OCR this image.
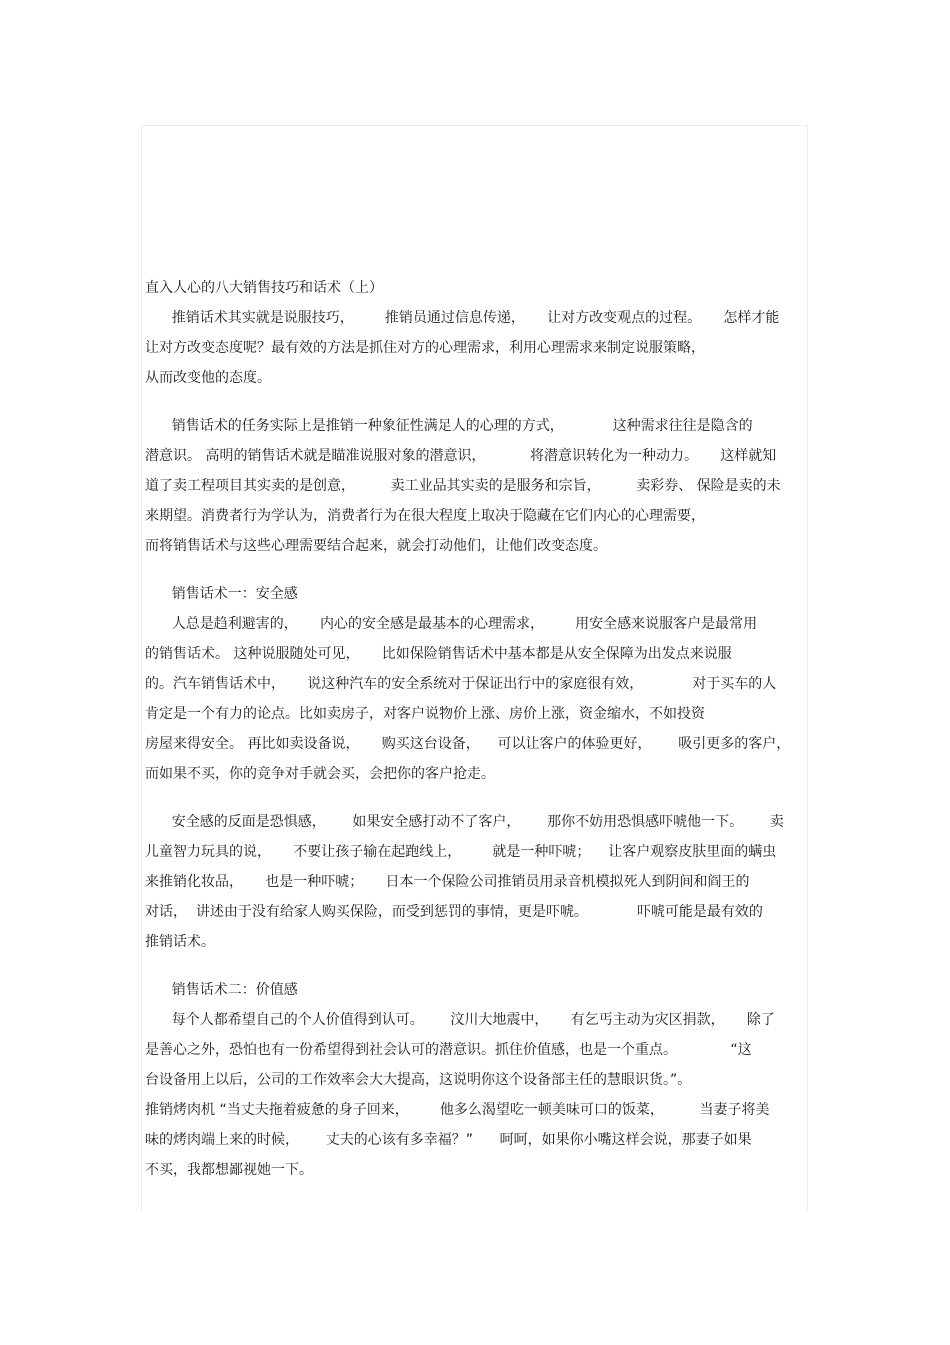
直入人心的八大销售技巧和话术（上）
推销话术其实就是说服技巧，       推销员通过信息传递，     让对方改变观点的过程。     怎样才能
让对方改变态度呢？最有效的方法是抓住对方的心理需求，利用心理需求来制定说服策略，
从而改变他的态度。
销售话术的任务实际上是推销一种象征性满足人的心理的方式，           这种需求往往是隐含的
潜意识。 高明的销售话术就是瞄准说服对象的潜意识，          将潜意识转化为一种动力。     这样就知
道了卖工程项目其实卖的是创意，        卖工业品其实卖的是服务和宗旨，        卖彩券、 保险是卖的未
来期望。消费者行为学认为，消费者行为在很大程度上取决于隐藏在它们内心的心理需要，
而将销售话术与这些心理需要结合起来，就会打动他们，让他们改变态度。
销售话术一：安全感
人总是趋利避害的，     内心的安全感是最基本的心理需求，       用安全感来说服客户是最常用
的销售话术。 这种说服随处可见，     比如保险销售话术中基本都是从安全保障为出发点来说服
的。汽车销售话术中，     说这种汽车的安全系统对于保证出行中的家庭很有效，           对于买车的人
肯定是一个有力的论点。比如卖房子，对客户说物价上涨、房价上涨，资金缩水，不如投资
房屋来得安全。 再比如卖设备说，     购买这台设备，    可以让客户的体验更好，      吸引更多的客户，
而如果不买，你的竞争对手就会买，会把你的客户抢走。
安全感的反面是恐惧感，      如果安全感打动不了客户，      那你不妨用恐惧感吓唬他一下。      卖
儿童智力玩具的说，     不要让孩子输在起跑线上，       就是一种吓唬；    让客户观察皮肤里面的螨虫
来推销化妆品，     也是一种吓唬；     日本一个保险公司推销员用录音机模拟死人到阴间和阎王的
对话，  讲述由于没有给家人购买保险，而受到惩罚的事情，更是吓唬。           吓唬可能是最有效的
推销话术。
销售话术二：价值感
每个人都希望自己的个人价值得到认可。      汶川大地震中，     有乞丐主动为灾区捐款，     除了
是善心之外，恐怕也有一份希望得到社会认可的潜意识。抓住价值感，也是一个重点。            “这
台设备用上以后，公司的工作效率会大大提高，这说明你这个设备部主任的慧眼识货。”。
推销烤肉机 “当丈夫拖着疲惫的身子回来，       他多么渴望吃一顿美味可口的饭菜，        当妻子将美
味的烤肉端上来的时候，      丈夫的心该有多幸福？”      呵呵，如果你小嘴这样会说，那妻子如果
不买，我都想鄙视她一下。
